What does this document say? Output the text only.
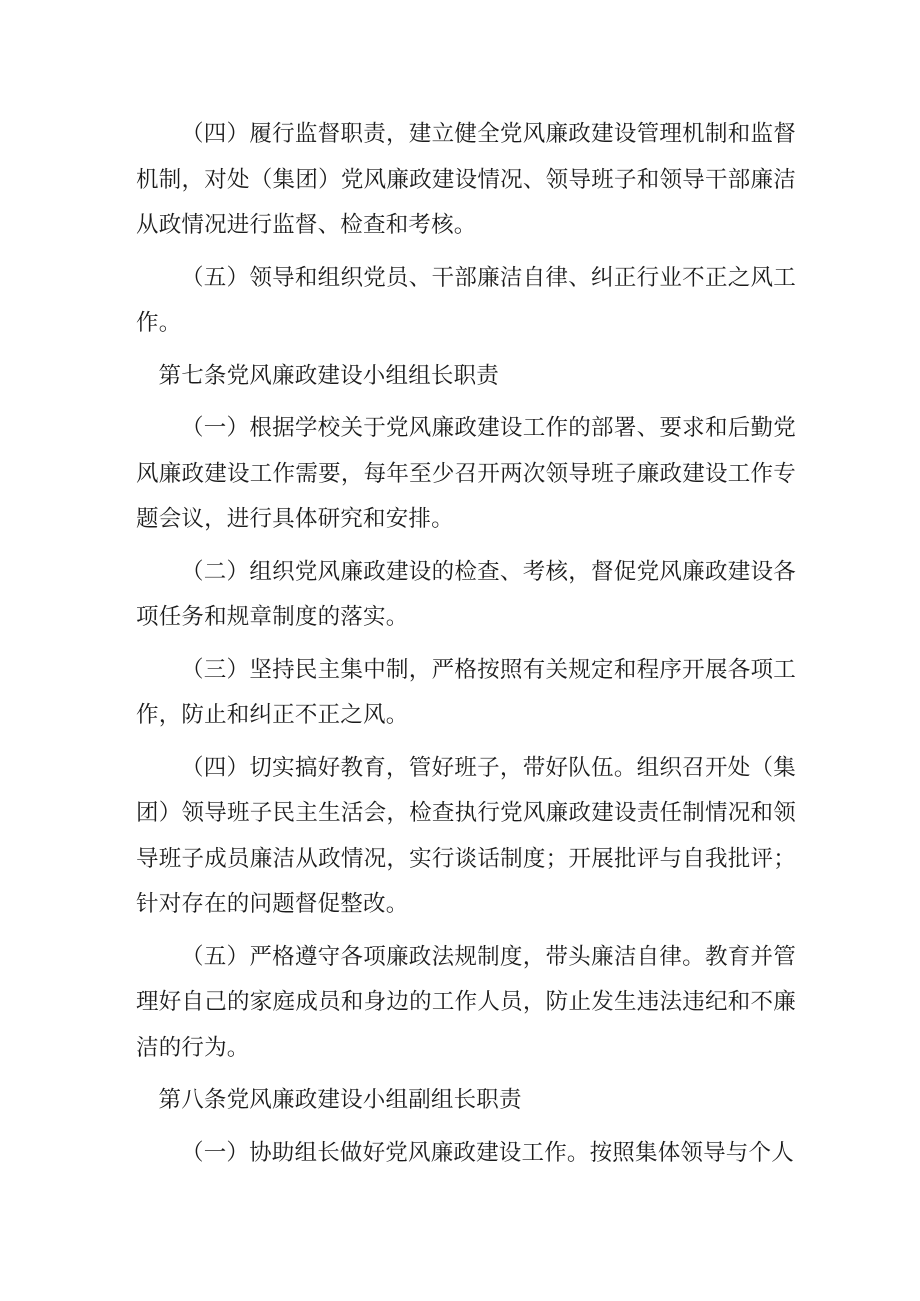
（四）履行监督职责，建立健全党风廉政建设管理机制和监督机制，对处（集团）党风廉政建设情况、领导班子和领导干部廉洁从政情况进行监督、检查和考核。

（五）领导和组织党员、干部廉洁自律、纠正行业不正之风工作。

第七条党风廉政建设小组组长职责

（一）根据学校关于党风廉政建设工作的部署、要求和后勤党风廉政建设工作需要，每年至少召开两次领导班子廉政建设工作专题会议，进行具体研究和安排。

（二）组织党风廉政建设的检查、考核，督促党风廉政建设各项任务和规章制度的落实。

（三）坚持民主集中制，严格按照有关规定和程序开展各项工作，防止和纠正不正之风。

（四）切实搞好教育，管好班子，带好队伍。组织召开处（集团）领导班子民主生活会，检查执行党风廉政建设责任制情况和领导班子成员廉洁从政情况，实行谈话制度；开展批评与自我批评；针对存在的问题督促整改。

（五）严格遵守各项廉政法规制度，带头廉洁自律。教育并管理好自己的家庭成员和身边的工作人员，防止发生违法违纪和不廉洁的行为。

第八条党风廉政建设小组副组长职责

（一）协助组长做好党风廉政建设工作。按照集体领导与个人
